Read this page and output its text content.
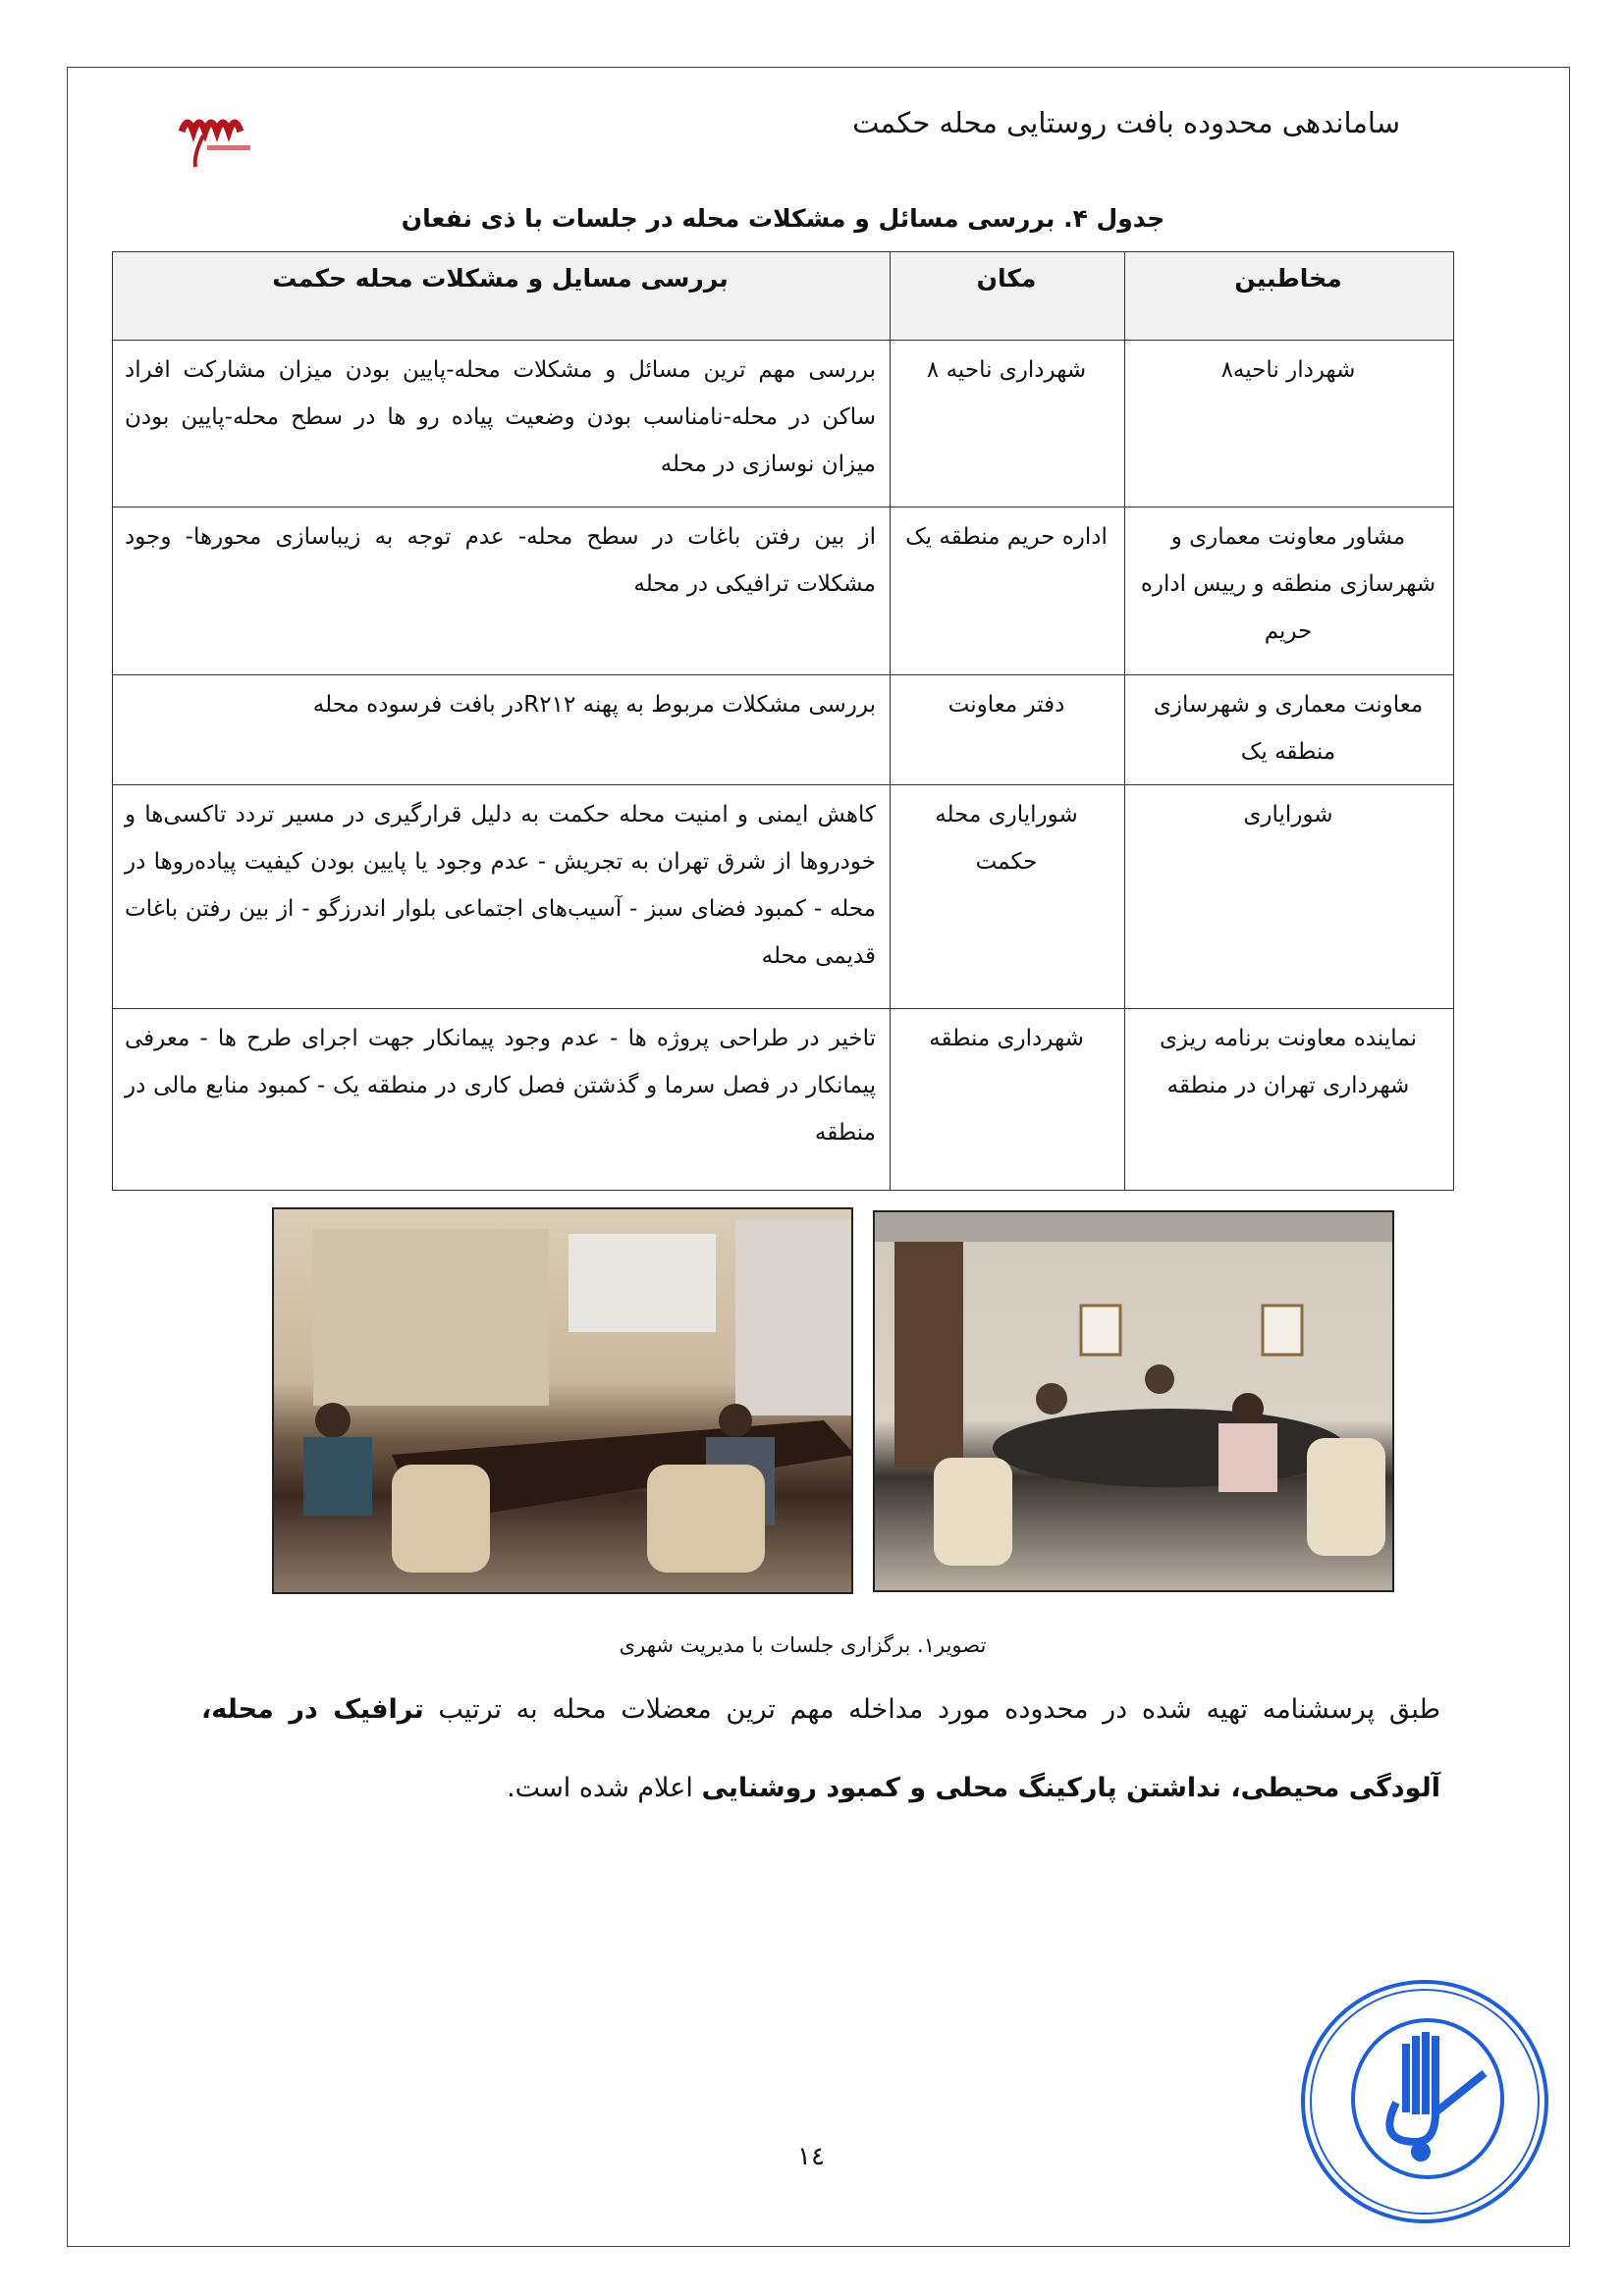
ساماندهی محدوده بافت روستایی محله حکمت
جدول ۴. بررسی مسائل و مشکلات محله در جلسات با ذی نفعان
مخاطبین	مکان	بررسی مسایل و مشکلات محله حکمت
شهردار ناحیه۸	شهرداری ناحیه ۸	بررسی مهم ترین مسائل و مشکلات محله-پایین بودن میزان مشارکت افراد ساکن در محله-نامناسب بودن وضعیت پیاده رو ها در سطح محله-پایین بودن میزان نوسازی در محله
مشاور معاونت معماری و شهرسازی منطقه و رییس اداره حریم	اداره حریم منطقه یک	از بین رفتن باغات در سطح محله- عدم توجه به زیباسازی محورها- وجود مشکلات ترافیکی در محله
معاونت معماری و شهرسازی منطقه یک	دفتر معاونت	بررسی مشکلات مربوط به پهنه R۲۱۲در بافت فرسوده محله
شورایاری	شورایاری محله حکمت	کاهش ایمنی و امنیت محله حکمت به دلیل قرارگیری در مسیر تردد تاکسی‌ها و خودروها از شرق تهران به تجریش - عدم وجود یا پایین بودن کیفیت پیاده‌روها در محله - کمبود فضای سبز - آسیب‌های اجتماعی بلوار اندرزگو - از بین رفتن باغات قدیمی محله
نماینده معاونت برنامه ریزی شهرداری تهران در منطقه	شهرداری منطقه	تاخیر در طراحی پروژه ها - عدم وجود پیمانکار جهت اجرای طرح ها - معرفی پیمانکار در فصل سرما و گذشتن فصل کاری در منطقه یک - کمبود منابع مالی در منطقه
تصویر۱. برگزاری جلسات با مدیریت شهری
طبق پرسشنامه تهیه شده در محدوده مورد مداخله مهم ترین معضلات محله به ترتیب ترافیک در محله، آلودگی محیطی، نداشتن پارکینگ محلی و کمبود روشنایی اعلام شده است.
۱٤
